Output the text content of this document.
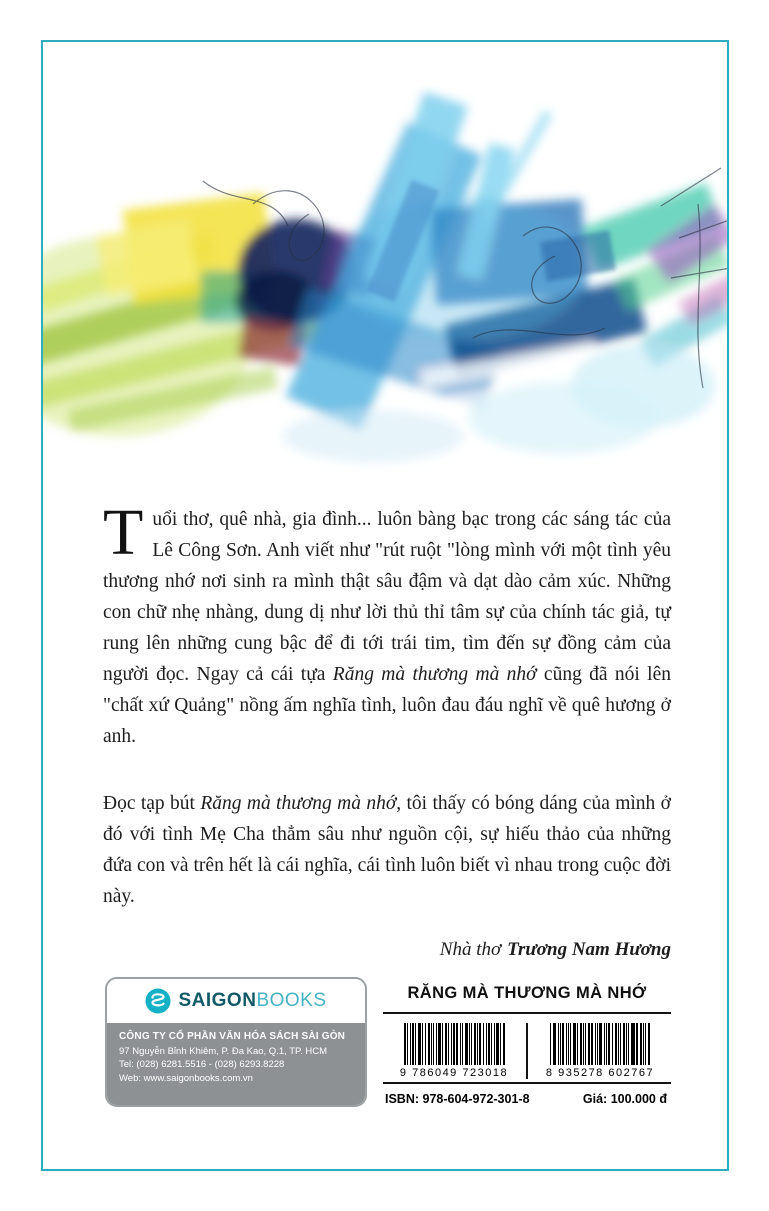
Tuổi thơ, quê nhà, gia đình... luôn bàng bạc trong các sáng tác của Lê Công Sơn. Anh viết như "rút ruột "lòng mình với một tình yêu thương nhớ nơi sinh ra mình thật sâu đậm và dạt dào cảm xúc. Những con chữ nhẹ nhàng, dung dị như lời thủ thỉ tâm sự của chính tác giả, tự rung lên những cung bậc để đi tới trái tim, tìm đến sự đồng cảm của người đọc. Ngay cả cái tựa Răng mà thương mà nhớ cũng đã nói lên "chất xứ Quảng" nồng ấm nghĩa tình, luôn đau đáu nghĩ về quê hương ở anh.

Đọc tạp bút Răng mà thương mà nhớ, tôi thấy có bóng dáng của mình ở đó với tình Mẹ Cha thẳm sâu như nguồn cội, sự hiếu thảo của những đứa con và trên hết là cái nghĩa, cái tình luôn biết vì nhau trong cuộc đời này.

Nhà thơ Trương Nam Hương

SAIGONBOOKS
CÔNG TY CỔ PHẦN VĂN HÓA SÁCH SÀI GÒN
97 Nguyễn Bỉnh Khiêm, P. Đa Kao, Q.1, TP. HCM
Tel: (028) 6281.5516 - (028) 6293.8228
Web: www.saigonbooks.com.vn
RĂNG MÀ THƯƠNG MÀ NHỚ
9 786049 723018	8 935278 602767
ISBN: 978-604-972-301-8	Giá: 100.000 đ
